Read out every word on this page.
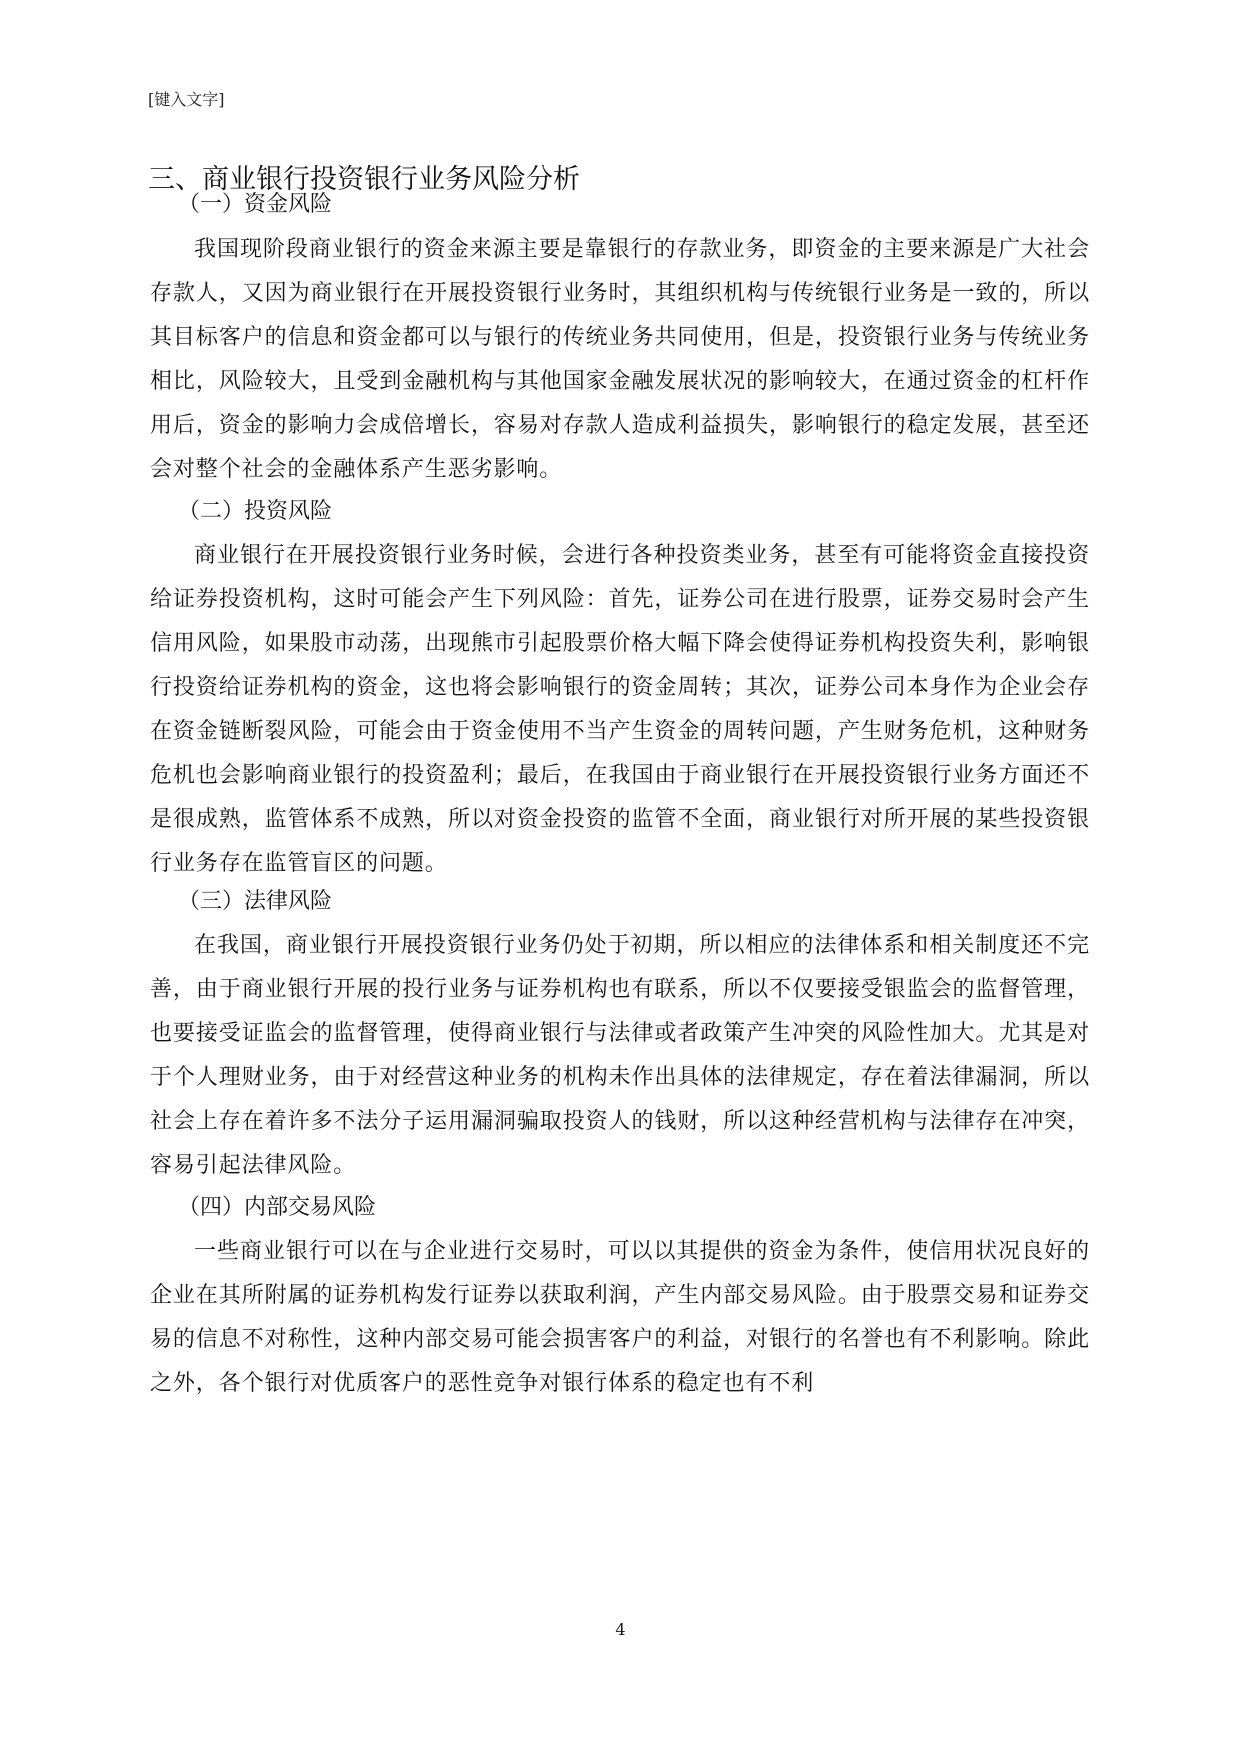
[键入文字]
三、商业银行投资银行业务风险分析
（一）资金风险

我国现阶段商业银行的资金来源主要是靠银行的存款业务，即资金的主要来源是广大社会存款人，又因为商业银行在开展投资银行业务时，其组织机构与传统银行业务是一致的，所以其目标客户的信息和资金都可以与银行的传统业务共同使用，但是，投资银行业务与传统业务相比，风险较大，且受到金融机构与其他国家金融发展状况的影响较大，在通过资金的杠杆作用后，资金的影响力会成倍增长，容易对存款人造成利益损失，影响银行的稳定发展，甚至还会对整个社会的金融体系产生恶劣影响。

（二）投资风险

商业银行在开展投资银行业务时候，会进行各种投资类业务，甚至有可能将资金直接投资给证券投资机构，这时可能会产生下列风险：首先，证券公司在进行股票，证券交易时会产生信用风险，如果股市动荡，出现熊市引起股票价格大幅下降会使得证券机构投资失利，影响银行投资给证券机构的资金，这也将会影响银行的资金周转；其次，证券公司本身作为企业会存在资金链断裂风险，可能会由于资金使用不当产生资金的周转问题，产生财务危机，这种财务危机也会影响商业银行的投资盈利；最后，在我国由于商业银行在开展投资银行业务方面还不是很成熟，监管体系不成熟，所以对资金投资的监管不全面，商业银行对所开展的某些投资银行业务存在监管盲区的问题。

（三）法律风险

在我国，商业银行开展投资银行业务仍处于初期，所以相应的法律体系和相关制度还不完善，由于商业银行开展的投行业务与证券机构也有联系，所以不仅要接受银监会的监督管理，也要接受证监会的监督管理，使得商业银行与法律或者政策产生冲突的风险性加大。尤其是对于个人理财业务，由于对经营这种业务的机构未作出具体的法律规定，存在着法律漏洞，所以社会上存在着许多不法分子运用漏洞骗取投资人的钱财，所以这种经营机构与法律存在冲突，容易引起法律风险。

（四）内部交易风险

一些商业银行可以在与企业进行交易时，可以以其提供的资金为条件，使信用状况良好的企业在其所附属的证券机构发行证券以获取利润，产生内部交易风险。由于股票交易和证券交易的信息不对称性，这种内部交易可能会损害客户的利益，对银行的名誉也有不利影响。除此之外，各个银行对优质客户的恶性竞争对银行体系的稳定也有不利

4
